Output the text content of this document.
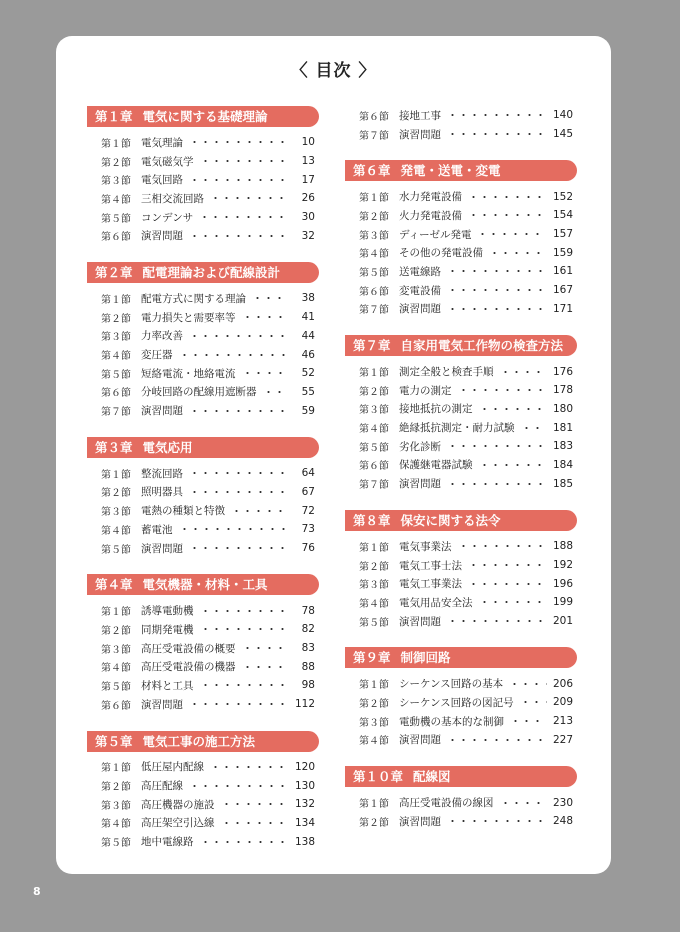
〈 目次 〉
第１章 電気に関する基礎理論
第１節 電気理論	10
第２節 電気磁気学	13
第３節 電気回路	17
第４節 三相交流回路	26
第５節 コンデンサ	30
第６節 演習問題	32
第２章 配電理論および配線設計
第１節 配電方式に関する理論	38
第２節 電力損失と需要率等	41
第３節 力率改善	44
第４節 変圧器	46
第５節 短絡電流・地絡電流	52
第６節 分岐回路の配線用遮断器	55
第７節 演習問題	59
第３章 電気応用
第１節 整流回路	64
第２節 照明器具	67
第３節 電熱の種類と特徴	72
第４節 蓄電池	73
第５節 演習問題	76
第４章 電気機器・材料・工具
第１節 誘導電動機	78
第２節 同期発電機	82
第３節 高圧受電設備の概要	83
第４節 高圧受電設備の機器	88
第５節 材料と工具	98
第６節 演習問題	112
第５章 電気工事の施工方法
第１節 低圧屋内配線	120
第２節 高圧配線	130
第３節 高圧機器の施設	132
第４節 高圧架空引込線	134
第５節 地中電線路	138
第６節 接地工事	140
第７節 演習問題	145
第６章 発電・送電・変電
第１節 水力発電設備	152
第２節 火力発電設備	154
第３節 ディーゼル発電	157
第４節 その他の発電設備	159
第５節 送電線路	161
第６節 変電設備	167
第７節 演習問題	171
第７章 自家用電気工作物の検査方法
第１節 測定全般と検査手順	176
第２節 電力の測定	178
第３節 接地抵抗の測定	180
第４節 絶縁抵抗測定・耐力試験	181
第５節 劣化診断	183
第６節 保護継電器試験	184
第７節 演習問題	185
第８章 保安に関する法令
第１節 電気事業法	188
第２節 電気工事士法	192
第３節 電気工事業法	196
第４節 電気用品安全法	199
第５節 演習問題	201
第９章 制御回路
第１節 シーケンス回路の基本	206
第２節 シーケンス回路の図記号	209
第３節 電動機の基本的な制御	213
第４節 演習問題	227
第１０章 配線図
第１節 高圧受電設備の線図	230
第２節 演習問題	248
8
